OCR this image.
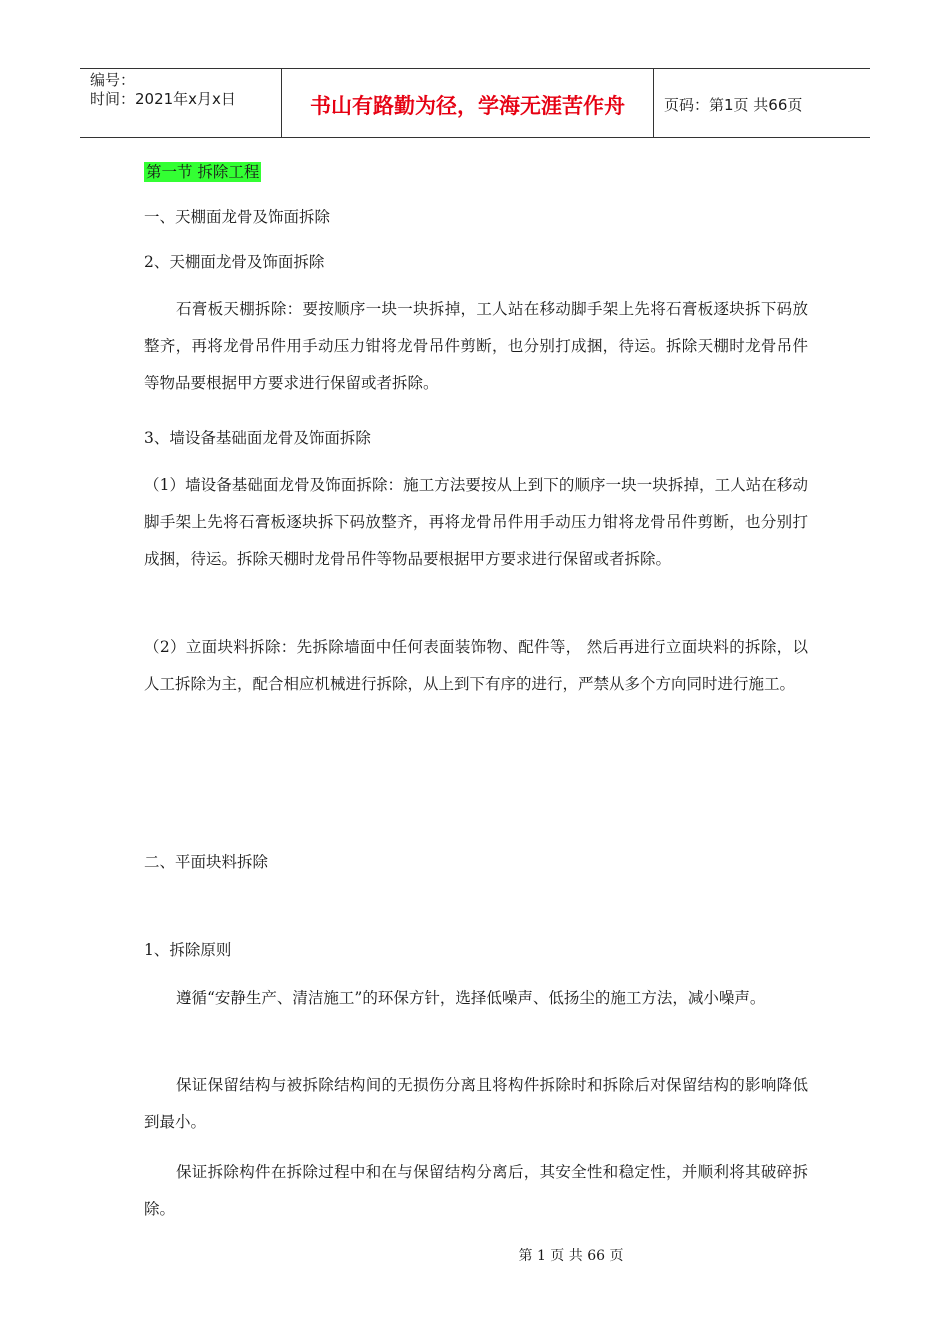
编号：
时间：2021年x月x日	书山有路勤为径，学海无涯苦作舟	页码：第1页 共66页
第一节 拆除工程
一、天棚面龙骨及饰面拆除
2、天棚面龙骨及饰面拆除
石膏板天棚拆除：要按顺序一块一块拆掉，工人站在移动脚手架上先将石膏板逐块拆下码放整齐，再将龙骨吊件用手动压力钳将龙骨吊件剪断，也分别打成捆，待运。拆除天棚时龙骨吊件等物品要根据甲方要求进行保留或者拆除。
3、墙设备基础面龙骨及饰面拆除
（1）墙设备基础面龙骨及饰面拆除：施工方法要按从上到下的顺序一块一块拆掉，工人站在移动脚手架上先将石膏板逐块拆下码放整齐，再将龙骨吊件用手动压力钳将龙骨吊件剪断，也分别打成捆，待运。拆除天棚时龙骨吊件等物品要根据甲方要求进行保留或者拆除。
（2）立面块料拆除：先拆除墙面中任何表面装饰物、配件等， 然后再进行立面块料的拆除，以人工拆除为主，配合相应机械进行拆除，从上到下有序的进行，严禁从多个方向同时进行施工。
二、平面块料拆除
1、拆除原则
遵循“安静生产、清洁施工”的环保方针，选择低噪声、低扬尘的施工方法，减小噪声。
保证保留结构与被拆除结构间的无损伤分离且将构件拆除时和拆除后对保留结构的影响降低到最小。
保证拆除构件在拆除过程中和在与保留结构分离后，其安全性和稳定性，并顺利将其破碎拆除。
第 1 页 共 66 页
